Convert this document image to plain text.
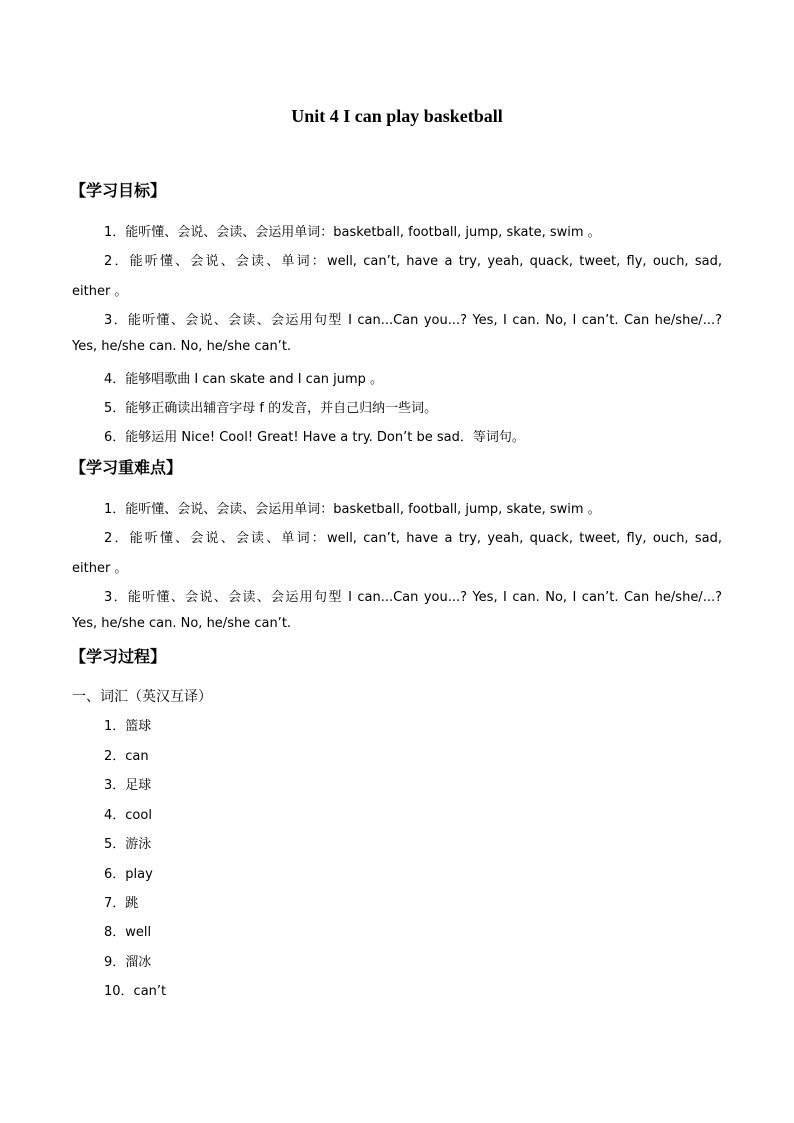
Unit 4 I can play basketball
【学习目标】
1．能听懂、会说、会读、会运用单词：basketball, football, jump, skate, swim 。
2．能听懂、会说、会读、单词：well, can’t, have a try, yeah, quack, tweet, fly, ouch, sad,
either 。
3．能听懂、会说、会读、会运用句型 I can...Can you...? Yes, I can. No, I can’t. Can he/she/...?
Yes, he/she can. No, he/she can’t.
4．能够唱歌曲 I can skate and I can jump 。
5．能够正确读出辅音字母 f 的发音，并自己归纳一些词。
6．能够运用 Nice! Cool! Great! Have a try. Don’t be sad．等词句。
【学习重难点】
1．能听懂、会说、会读、会运用单词：basketball, football, jump, skate, swim 。
2．能听懂、会说、会读、单词：well, can’t, have a try, yeah, quack, tweet, fly, ouch, sad,
either 。
3．能听懂、会说、会读、会运用句型 I can...Can you...? Yes, I can. No, I can’t. Can he/she/...?
Yes, he/she can. No, he/she can’t.
【学习过程】
一、词汇（英汉互译）
1．篮球
2．can
3．足球
4．cool
5．游泳
6．play
7．跳
8．well
9．溜冰
10．can’t
